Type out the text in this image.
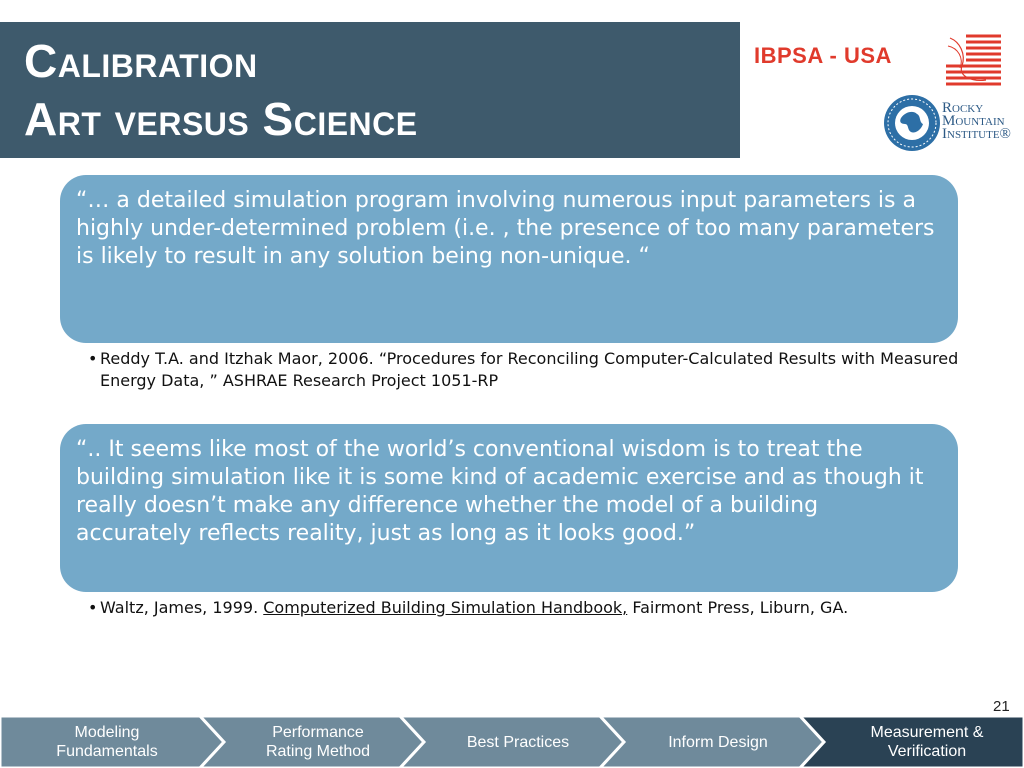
Calibration
Art versus Science
IBPSA - USA
Rocky
Mountain
Institute®
“… a detailed simulation program involving numerous input parameters is a highly under-determined problem (i.e. , the presence of too many parameters is likely to result in any solution being non-unique. “
• Reddy T.A. and Itzhak Maor, 2006. “Procedures for Reconciling Computer-Calculated Results with Measured Energy Data, ” ASHRAE Research Project 1051-RP
“.. It seems like most of the world’s conventional wisdom is to treat the building simulation like it is some kind of academic exercise and as though it really doesn’t make any difference whether the model of a building accurately reflects reality, just as long as it looks good.”
• Waltz, James, 1999. Computerized Building Simulation Handbook, Fairmont Press, Liburn, GA.
21
Modeling
Fundamentals
Performance
Rating Method
Best Practices	Inform Design
Measurement &
Verification
